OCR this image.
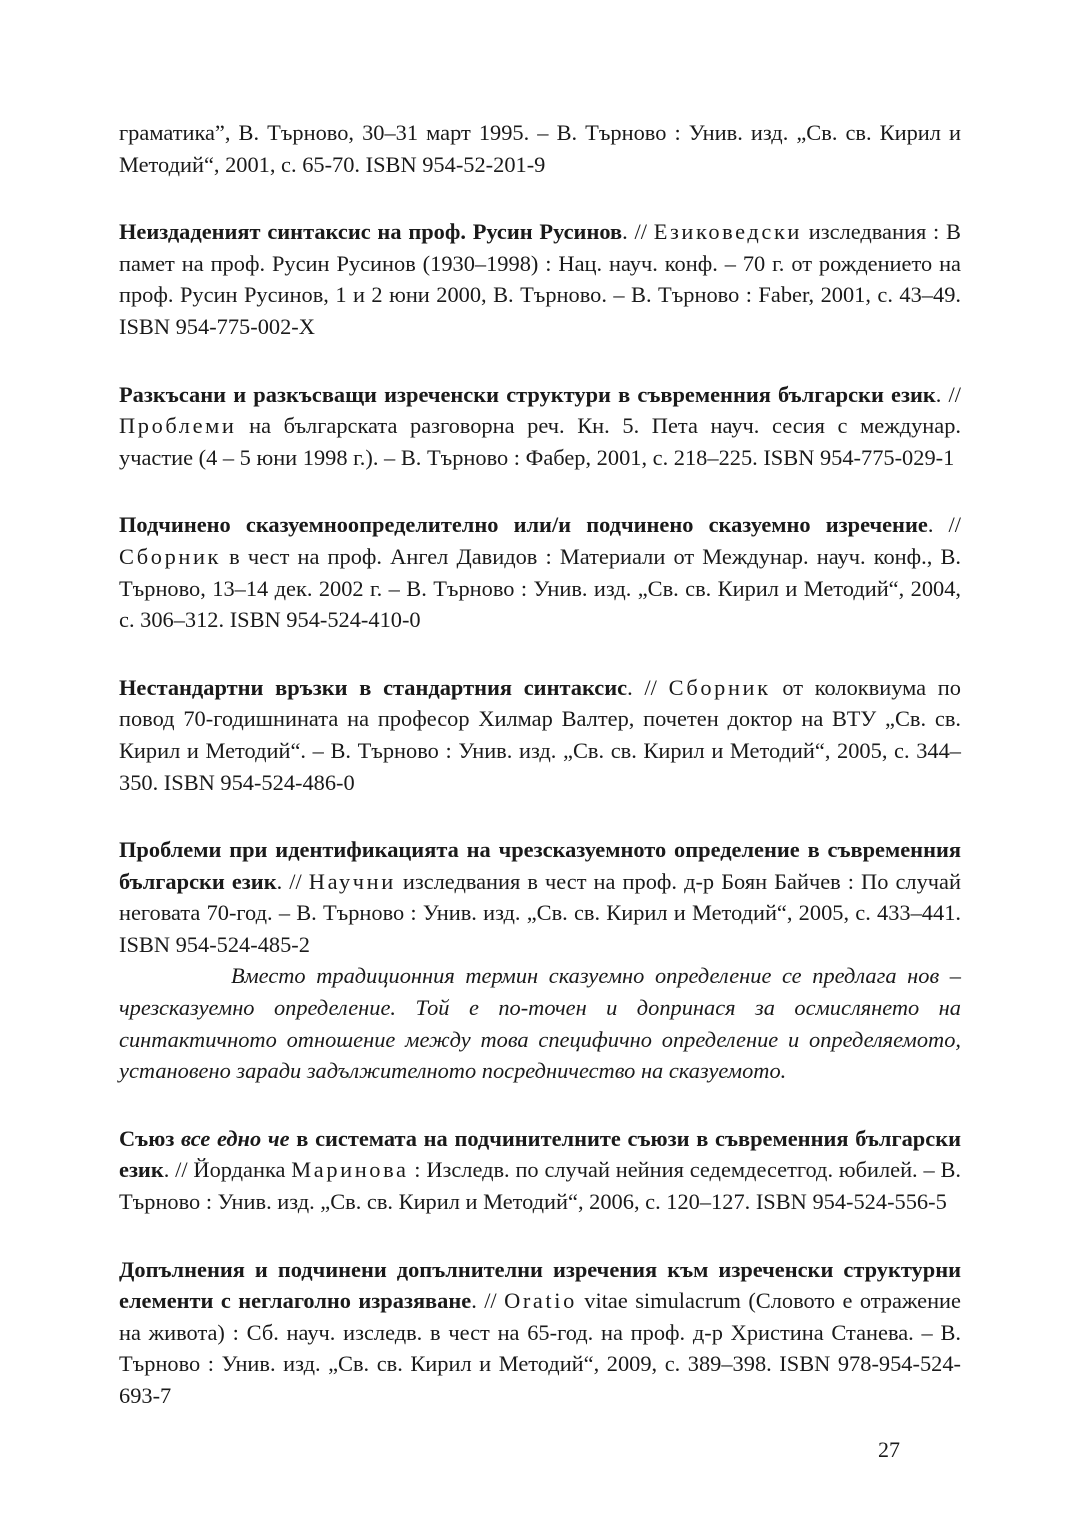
граматика”, В. Търново, 30–31 март 1995. – В. Търново : Унив. изд. „Св. св. Кирил и Методий“, 2001, с. 65-70. ISBN 954-52-201-9

Неиздаденият синтаксис на проф. Русин Русинов. // Езиковедски изследвания : В памет на проф. Русин Русинов (1930–1998) : Нац. науч. конф. – 70 г. от рождението на проф. Русин Русинов, 1 и 2 юни 2000, В. Търново. – В. Търново : Faber, 2001, с. 43–49. ISBN 954-775-002-X

Разкъсани и разкъсващи изреченски структури в съвременния български език. // Проблеми на българската разговорна реч. Кн. 5. Пета науч. сесия с междунар. участие (4 – 5 юни 1998 г.). – В. Търново : Фабер, 2001, с. 218–225. ISBN 954-775-029-1

Подчинено сказуемноопределително или/и подчинено сказуемно изречение. // Сборник в чест на проф. Ангел Давидов : Материали от Междунар. науч. конф., В. Търново, 13–14 дек. 2002 г. – В. Търново : Унив. изд. „Св. св. Кирил и Методий“, 2004, с. 306–312. ISBN 954-524-410-0

Нестандартни връзки в стандартния синтаксис. // Сборник от колоквиума по повод 70-годишнината на професор Хилмар Валтер, почетен доктор на ВТУ „Св. св. Кирил и Методий“. – В. Търново : Унив. изд. „Св. св. Кирил и Методий“, 2005, с. 344–350. ISBN 954-524-486-0

Проблеми при идентификацията на чрезсказуемното определение в съвременния български език. // Научни изследвания в чест на проф. д-р Боян Байчев : По случай неговата 70-год. – В. Търново : Унив. изд. „Св. св. Кирил и Методий“, 2005, с. 433–441. ISBN 954-524-485-2

Вместо традиционния термин сказуемно определение се предлага нов – чрезсказуемно определение. Той е по-точен и допринася за осмислянето на синтактичното отношение между това специфично определение и определяемото, установено заради задължителното посредничество на сказуемото.

Съюз все едно че в системата на подчинителните съюзи в съвременния български език. // Йорданка Маринова : Изследв. по случай нейния седемдесетгод. юбилей. – В. Търново : Унив. изд. „Св. св. Кирил и Методий“, 2006, с. 120–127. ISBN 954-524-556-5

Допълнения и подчинени допълнителни изречения към изреченски структурни елементи с неглаголно изразяване. // Oratio vitae simulacrum (Словото е отражение на живота) : Сб. науч. изследв. в чест на 65-год. на проф. д-р Христина Станева. – В. Търново : Унив. изд. „Св. св. Кирил и Методий“, 2009, с. 389–398. ISBN 978-954-524-693-7

27
